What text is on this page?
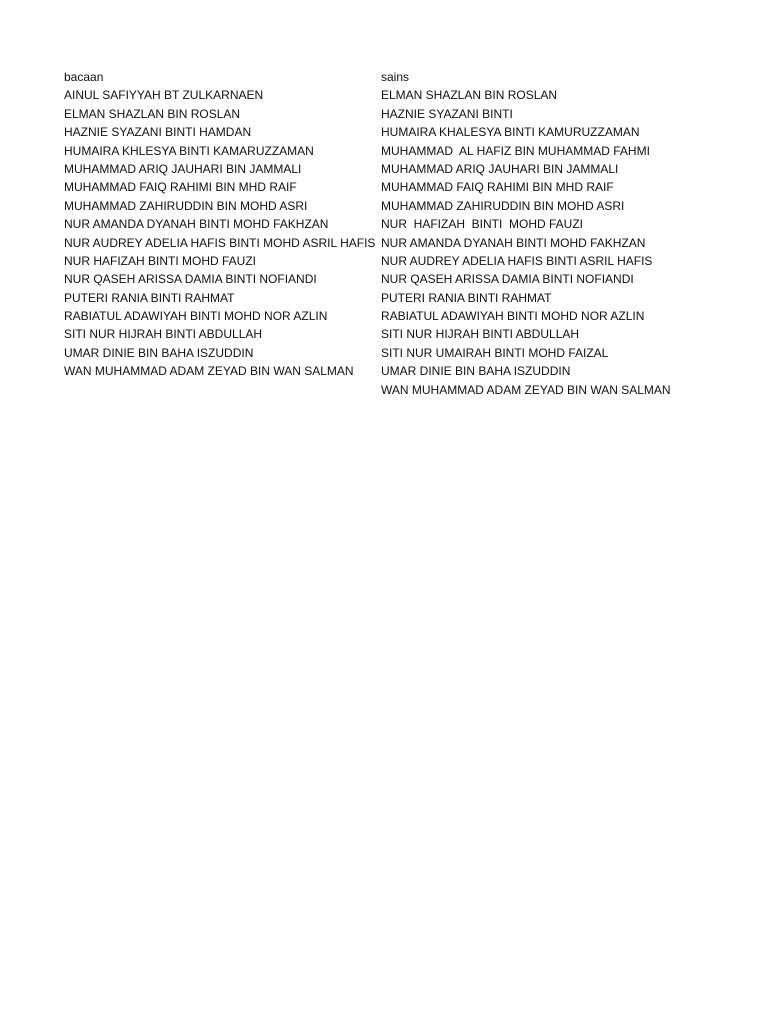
bacaan
AINUL SAFIYYAH BT ZULKARNAEN
ELMAN SHAZLAN BIN ROSLAN
HAZNIE SYAZANI BINTI HAMDAN
HUMAIRA KHLESYA BINTI KAMARUZZAMAN
MUHAMMAD ARIQ JAUHARI BIN JAMMALI
MUHAMMAD FAIQ RAHIMI BIN MHD RAIF
MUHAMMAD ZAHIRUDDIN BIN MOHD ASRI
NUR AMANDA DYANAH BINTI MOHD FAKHZAN
NUR AUDREY ADELIA HAFIS BINTI MOHD ASRIL HAFIS
NUR HAFIZAH BINTI MOHD FAUZI
NUR QASEH ARISSA DAMIA BINTI NOFIANDI
PUTERI RANIA BINTI RAHMAT
RABIATUL ADAWIYAH BINTI MOHD NOR AZLIN
SITI NUR HIJRAH BINTI ABDULLAH
UMAR DINIE BIN BAHA ISZUDDIN
WAN MUHAMMAD ADAM ZEYAD BIN WAN SALMAN
sains
ELMAN SHAZLAN BIN ROSLAN
HAZNIE SYAZANI BINTI
HUMAIRA KHALESYA BINTI KAMURUZZAMAN
MUHAMMAD  AL HAFIZ BIN MUHAMMAD FAHMI
MUHAMMAD ARIQ JAUHARI BIN JAMMALI
MUHAMMAD FAIQ RAHIMI BIN MHD RAIF
MUHAMMAD ZAHIRUDDIN BIN MOHD ASRI
NUR  HAFIZAH  BINTI  MOHD FAUZI
NUR AMANDA DYANAH BINTI MOHD FAKHZAN
NUR AUDREY ADELIA HAFIS BINTI ASRIL HAFIS
NUR QASEH ARISSA DAMIA BINTI NOFIANDI
PUTERI RANIA BINTI RAHMAT
RABIATUL ADAWIYAH BINTI MOHD NOR AZLIN
SITI NUR HIJRAH BINTI ABDULLAH
SITI NUR UMAIRAH BINTI MOHD FAIZAL
UMAR DINIE BIN BAHA ISZUDDIN
WAN MUHAMMAD ADAM ZEYAD BIN WAN SALMAN
